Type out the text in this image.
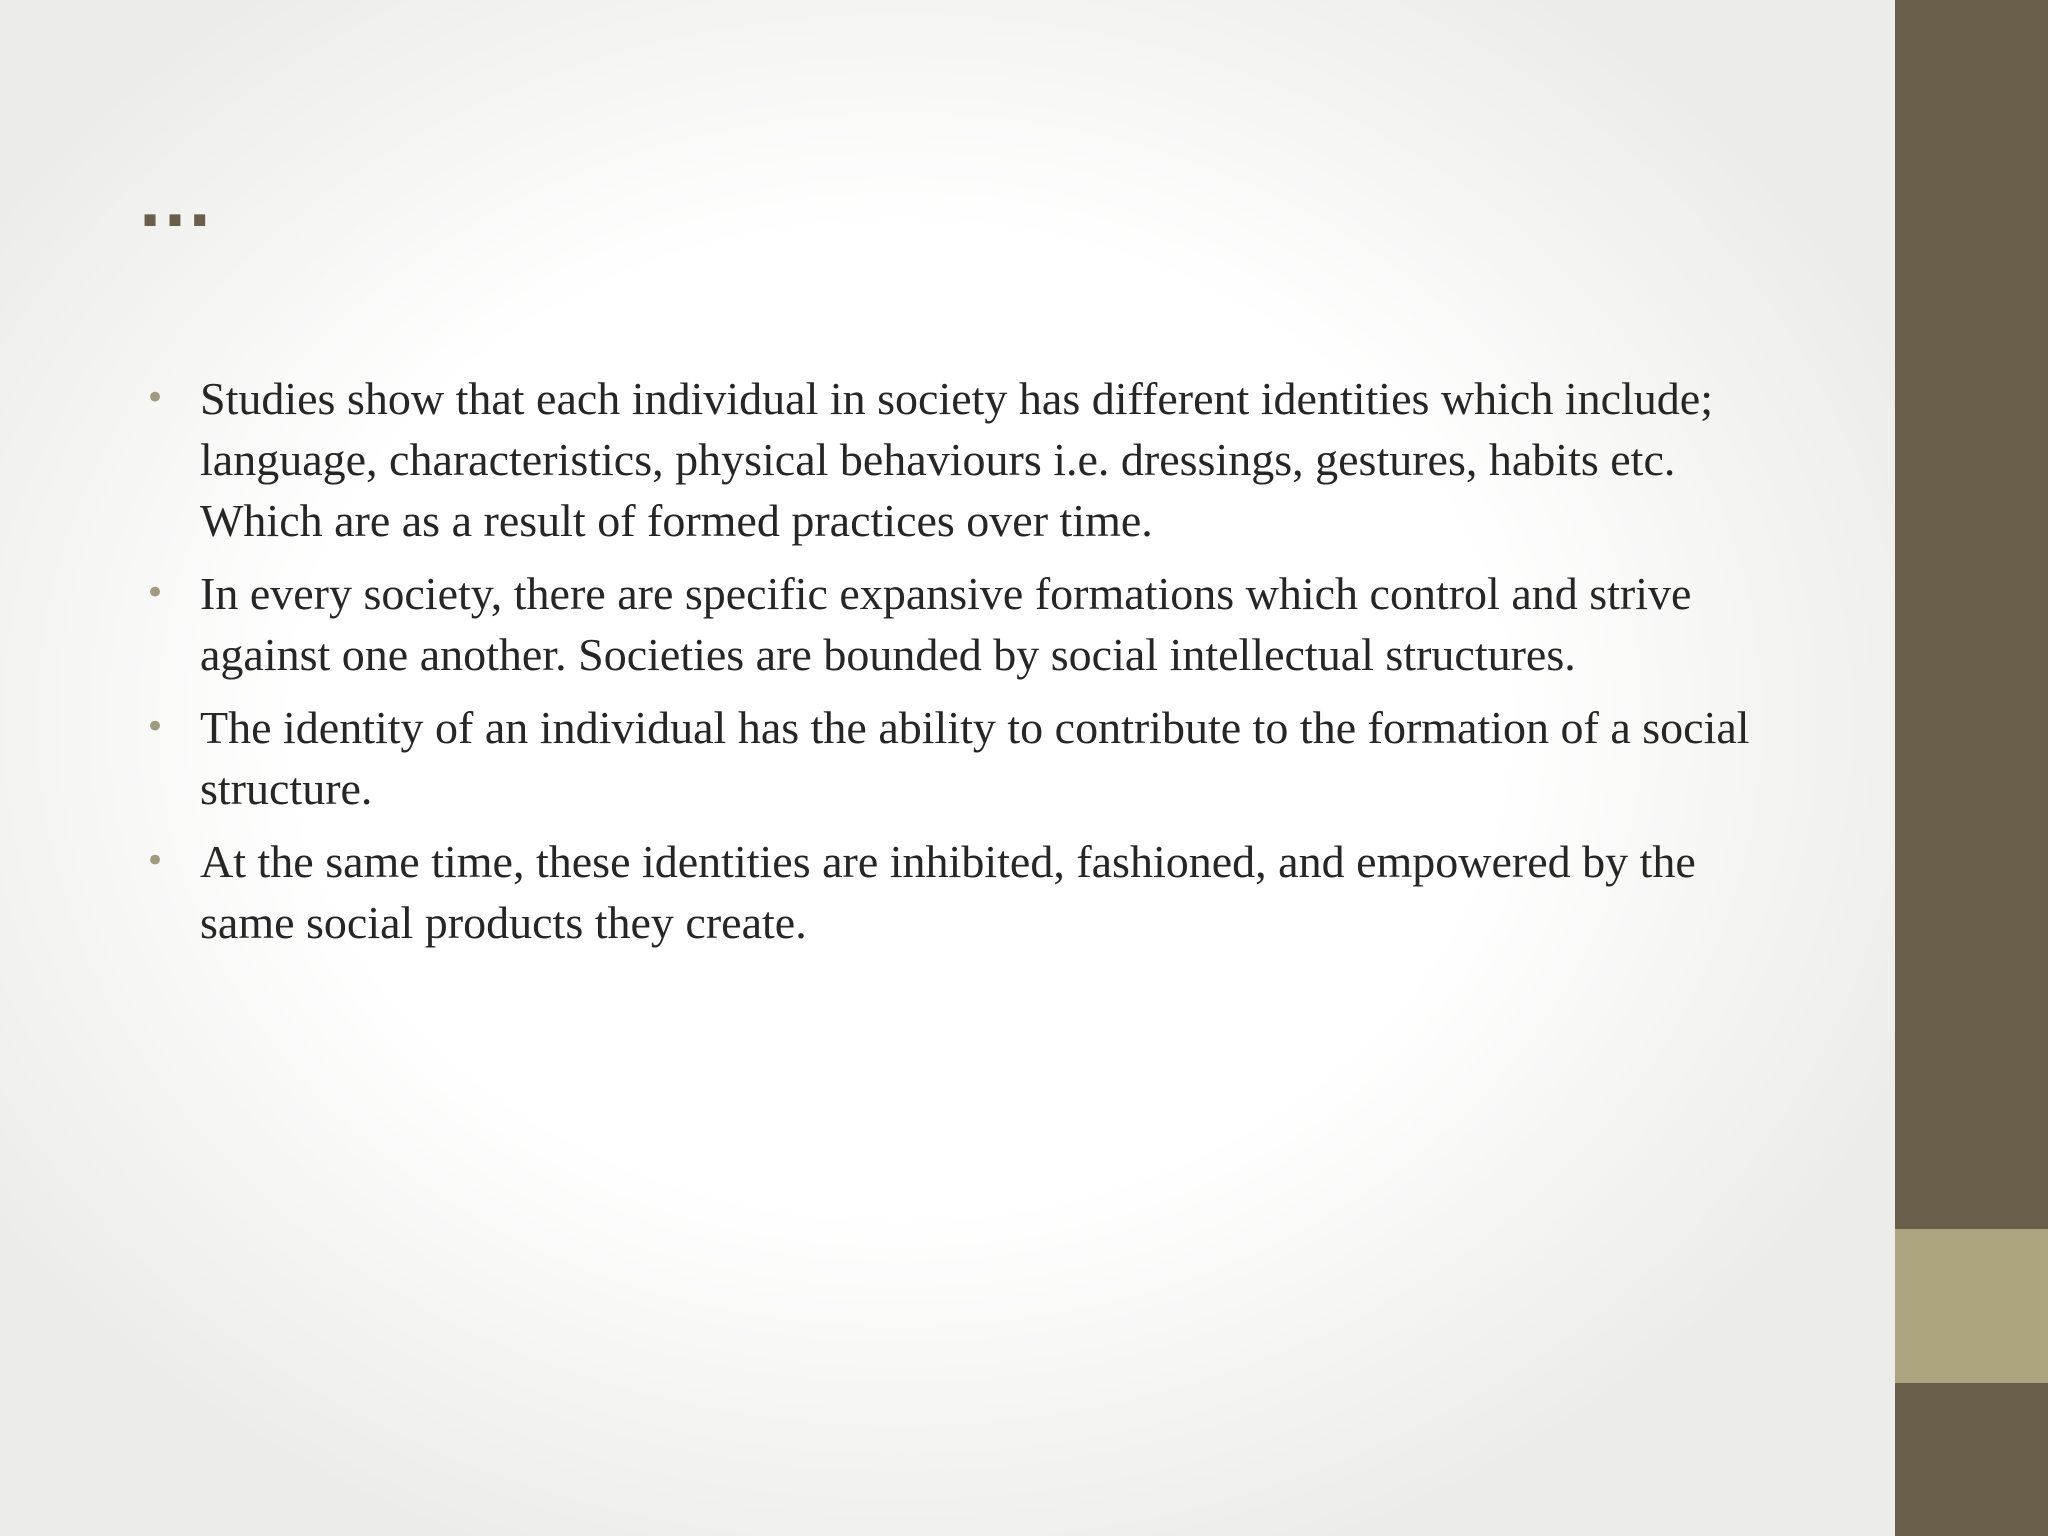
…
• Studies show that each individual in society has different identities which include; language, characteristics, physical behaviours i.e. dressings, gestures, habits etc. Which are as a result of formed practices over time.
• In every society, there are specific expansive formations which control and strive against one another. Societies are bounded by social intellectual structures.
• The identity of an individual has the ability to contribute to the formation of a social structure.
• At the same time, these identities are inhibited, fashioned, and empowered by the same social products they create.
